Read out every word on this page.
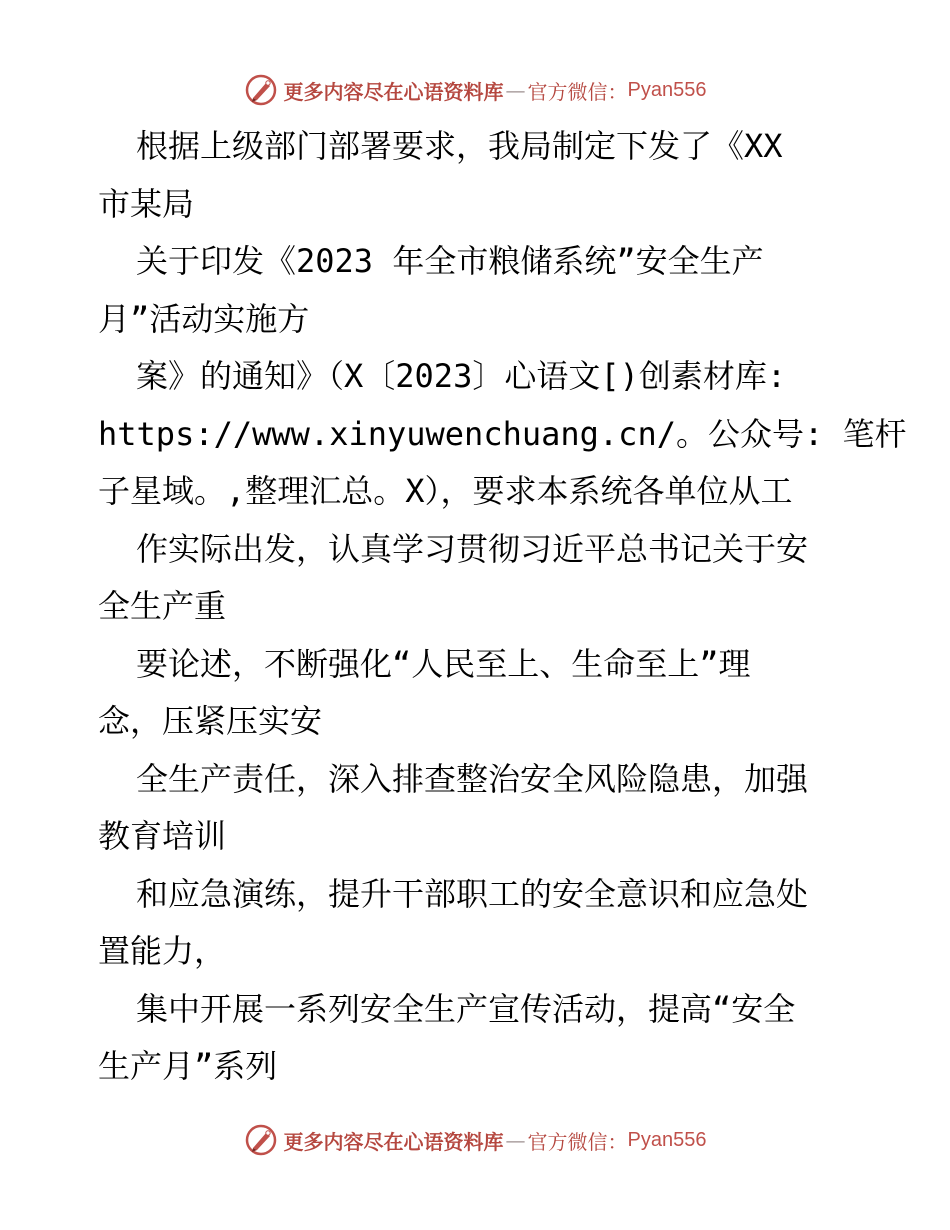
更多内容尽在心语资料库 — 官方微信： Pyan556
根据上级部门部署要求，我局制定下发了《XX
市某局
关于印发《2023 年全市粮储系统”安全生产
月”活动实施方
案》的通知》（X〔2023〕心语文[)创素材库:
https://www.xinyuwenchuang.cn/。公众号: 笔杆
子星域。,整理汇总。X），要求本系统各单位从工
作实际出发，认真学习贯彻习近平总书记关于安
全生产重
要论述，不断强化“人民至上、生命至上”理
念，压紧压实安
全生产责任，深入排查整治安全风险隐患，加强
教育培训
和应急演练，提升干部职工的安全意识和应急处
置能力，
集中开展一系列安全生产宣传活动，提高“安全
生产月”系列
更多内容尽在心语资料库 — 官方微信： Pyan556
